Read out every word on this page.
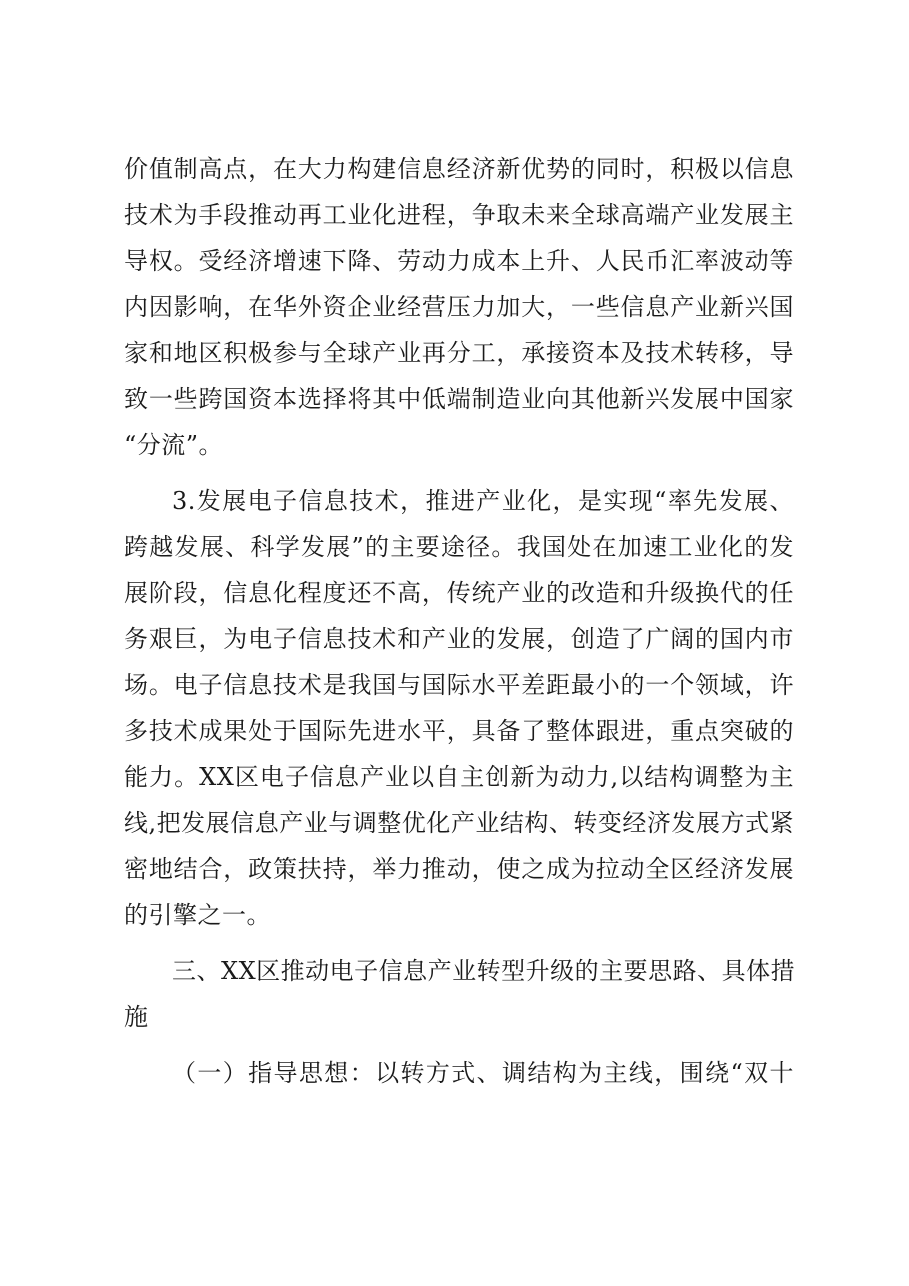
价值制高点，在大力构建信息经济新优势的同时，积极以信息
技术为手段推动再工业化进程，争取未来全球高端产业发展主
导权。受经济增速下降、劳动力成本上升、人民币汇率波动等
内因影响，在华外资企业经营压力加大，一些信息产业新兴国
家和地区积极参与全球产业再分工，承接资本及技术转移，导
致一些跨国资本选择将其中低端制造业向其他新兴发展中国家
“分流”。
3.发展电子信息技术，推进产业化，是实现“率先发展、
跨越发展、科学发展”的主要途径。我国处在加速工业化的发
展阶段，信息化程度还不高，传统产业的改造和升级换代的任
务艰巨，为电子信息技术和产业的发展，创造了广阔的国内市
场。电子信息技术是我国与国际水平差距最小的一个领域，许
多技术成果处于国际先进水平，具备了整体跟进，重点突破的
能力。XX区电子信息产业以自主创新为动力,以结构调整为主
线,把发展信息产业与调整优化产业结构、转变经济发展方式紧
密地结合，政策扶持，举力推动，使之成为拉动全区经济发展
的引擎之一。
三、XX区推动电子信息产业转型升级的主要思路、具体措
施
（一）指导思想：以转方式、调结构为主线，围绕“双十
